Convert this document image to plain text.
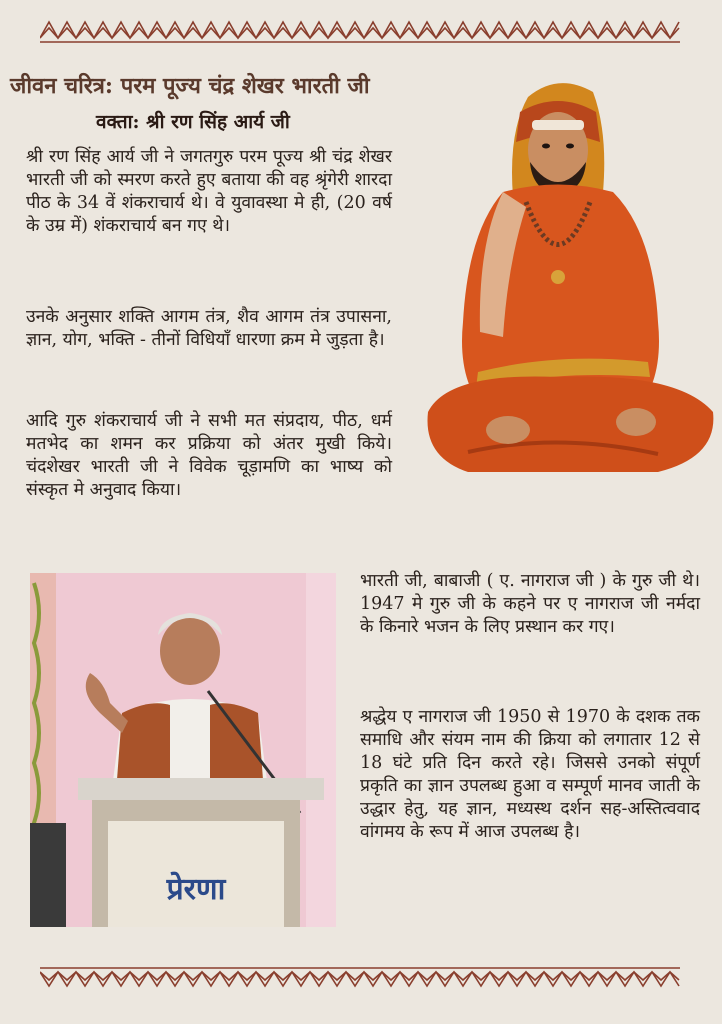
जीवन चरित्र: परम पूज्य चंद्र शेखर भारती जी
वक्ता: श्री रण सिंह आर्य जी
श्री रण सिंह आर्य जी ने जगतगुरु परम पूज्य श्री चंद्र शेखर भारती जी को स्मरण करते हुए बताया की वह श्रृंगेरी शारदा पीठ के 34 वें शंकराचार्य थे। वे युवावस्था मे ही, (20 वर्ष के उम्र में) शंकराचार्य बन गए थे।
उनके अनुसार शक्ति आगम तंत्र, शैव आगम तंत्र उपासना, ज्ञान, योग, भक्ति - तीनों विधियाँ धारणा क्रम मे जुड़ता है।
आदि गुरु शंकराचार्य जी ने सभी मत संप्रदाय, पीठ, धर्म मतभेद का शमन कर प्रक्रिया को अंतर मुखी किये। चंदशेखर भारती जी ने विवेक चूड़ामणि का भाष्य को संस्कृत मे अनुवाद किया।
प्रेरणा
भारती जी, बाबाजी ( ए. नागराज जी ) के गुरु जी थे। 1947 मे गुरु जी के कहने पर ए नागराज जी नर्मदा के किनारे भजन के लिए प्रस्थान कर गए।
श्रद्धेय ए नागराज जी 1950 से 1970 के दशक तक समाधि और संयम नाम की क्रिया को लगातार 12 से 18 घंटे प्रति दिन करते रहे। जिससे उनको संपूर्ण प्रकृति का ज्ञान उपलब्ध हुआ व सम्पूर्ण मानव जाती के उद्धार हेतु, यह ज्ञान, मध्यस्थ दर्शन सह-अस्तित्ववाद वांगमय के रूप में आज उपलब्ध है।
